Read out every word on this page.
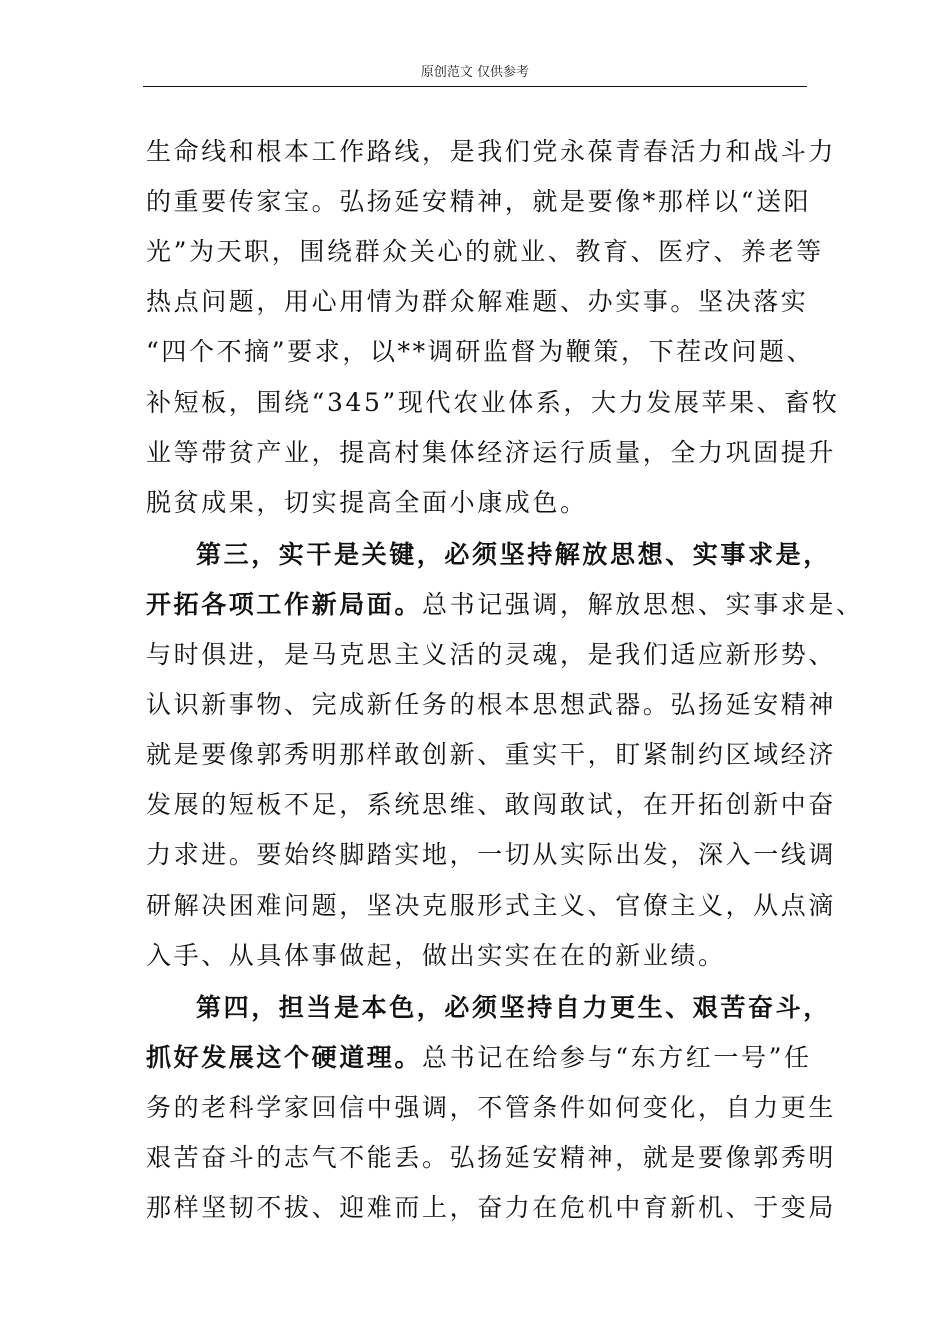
原创范文 仅供参考
生命线和根本工作路线，是我们党永葆青春活力和战斗力
的重要传家宝。弘扬延安精神，就是要像*那样以“送阳
光”为天职，围绕群众关心的就业、教育、医疗、养老等
热点问题，用心用情为群众解难题、办实事。坚决落实
“四个不摘”要求，以**调研监督为鞭策，下茬改问题、
补短板，围绕“345”现代农业体系，大力发展苹果、畜牧
业等带贫产业，提高村集体经济运行质量，全力巩固提升
脱贫成果，切实提高全面小康成色。
第三，实干是关键，必须坚持解放思想、实事求是，
开拓各项工作新局面。总书记强调，解放思想、实事求是、
与时俱进，是马克思主义活的灵魂，是我们适应新形势、
认识新事物、完成新任务的根本思想武器。弘扬延安精神
就是要像郭秀明那样敢创新、重实干，盯紧制约区域经济
发展的短板不足，系统思维、敢闯敢试，在开拓创新中奋
力求进。要始终脚踏实地，一切从实际出发，深入一线调
研解决困难问题，坚决克服形式主义、官僚主义，从点滴
入手、从具体事做起，做出实实在在的新业绩。
第四，担当是本色，必须坚持自力更生、艰苦奋斗，
抓好发展这个硬道理。总书记在给参与“东方红一号”任
务的老科学家回信中强调，不管条件如何变化，自力更生
艰苦奋斗的志气不能丢。弘扬延安精神，就是要像郭秀明
那样坚韧不拔、迎难而上，奋力在危机中育新机、于变局
